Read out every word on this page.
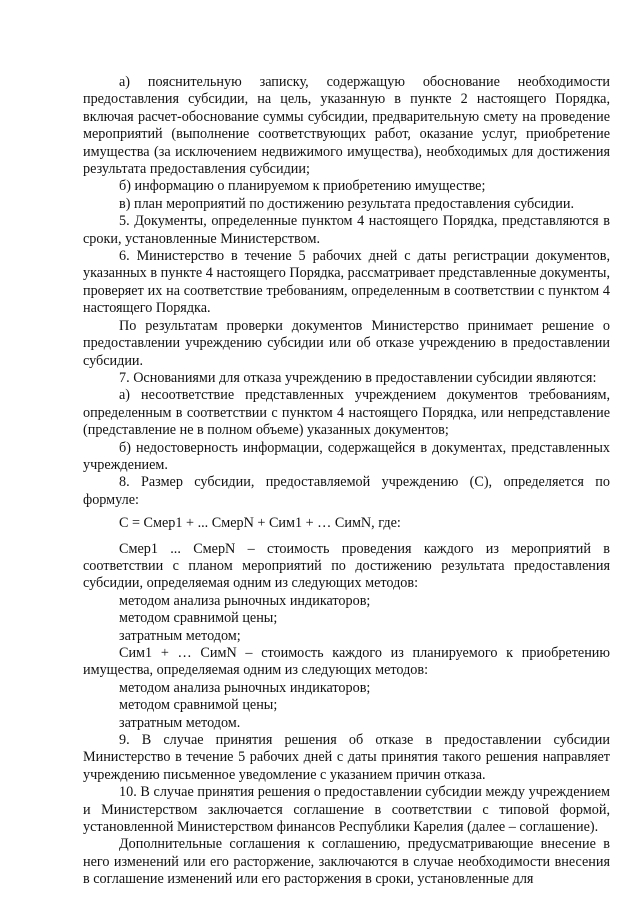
а) пояснительную записку, содержащую обоснование необходимости предоставления субсидии, на цель, указанную в пункте 2 настоящего Порядка, включая расчет-обоснование суммы субсидии, предварительную смету на проведение мероприятий (выполнение соответствующих работ, оказание услуг, приобретение имущества (за исключением недвижимого имущества), необходимых для достижения результата предоставления субсидии;

б) информацию о планируемом к приобретению имуществе;

в) план мероприятий по достижению результата предоставления субсидии.

5. Документы, определенные пунктом 4 настоящего Порядка, представляются в сроки, установленные Министерством.

6. Министерство в течение 5 рабочих дней с даты регистрации документов, указанных в пункте 4 настоящего Порядка, рассматривает представленные документы, проверяет их на соответствие требованиям, определенным в соответствии с пунктом 4 настоящего Порядка.

По результатам проверки документов Министерство принимает решение о предоставлении учреждению субсидии или об отказе учреждению в предоставлении субсидии.

7. Основаниями для отказа учреждению в предоставлении субсидии являются:

а) несоответствие представленных учреждением документов требованиям, определенным в соответствии с пунктом 4 настоящего Порядка, или непредставление (представление не в полном объеме) указанных документов;

б) недостоверность информации, содержащейся в документах, представленных учреждением.

8. Размер субсидии, предоставляемой учреждению (С), определяется по формуле:

С = Смер1 + ... СмерN + Сим1 + … СимN, где:

Смер1 ... СмерN – стоимость проведения каждого из мероприятий в соответствии с планом мероприятий по достижению результата предоставления субсидии, определяемая одним из следующих методов:

методом анализа рыночных индикаторов;

методом сравнимой цены;

затратным методом;

Сим1 + … СимN – стоимость каждого из планируемого к приобретению имущества, определяемая одним из следующих методов:

методом анализа рыночных индикаторов;

методом сравнимой цены;

затратным методом.

9. В случае принятия решения об отказе в предоставлении субсидии Министерство в течение 5 рабочих дней с даты принятия такого решения направляет учреждению письменное уведомление с указанием причин отказа.

10. В случае принятия решения о предоставлении субсидии между учреждением и Министерством заключается соглашение в соответствии с типовой формой, установленной Министерством финансов Республики Карелия (далее – соглашение).

Дополнительные соглашения к соглашению, предусматривающие внесение в него изменений или его расторжение, заключаются в случае необходимости внесения в соглашение изменений или его расторжения в сроки, установленные для
